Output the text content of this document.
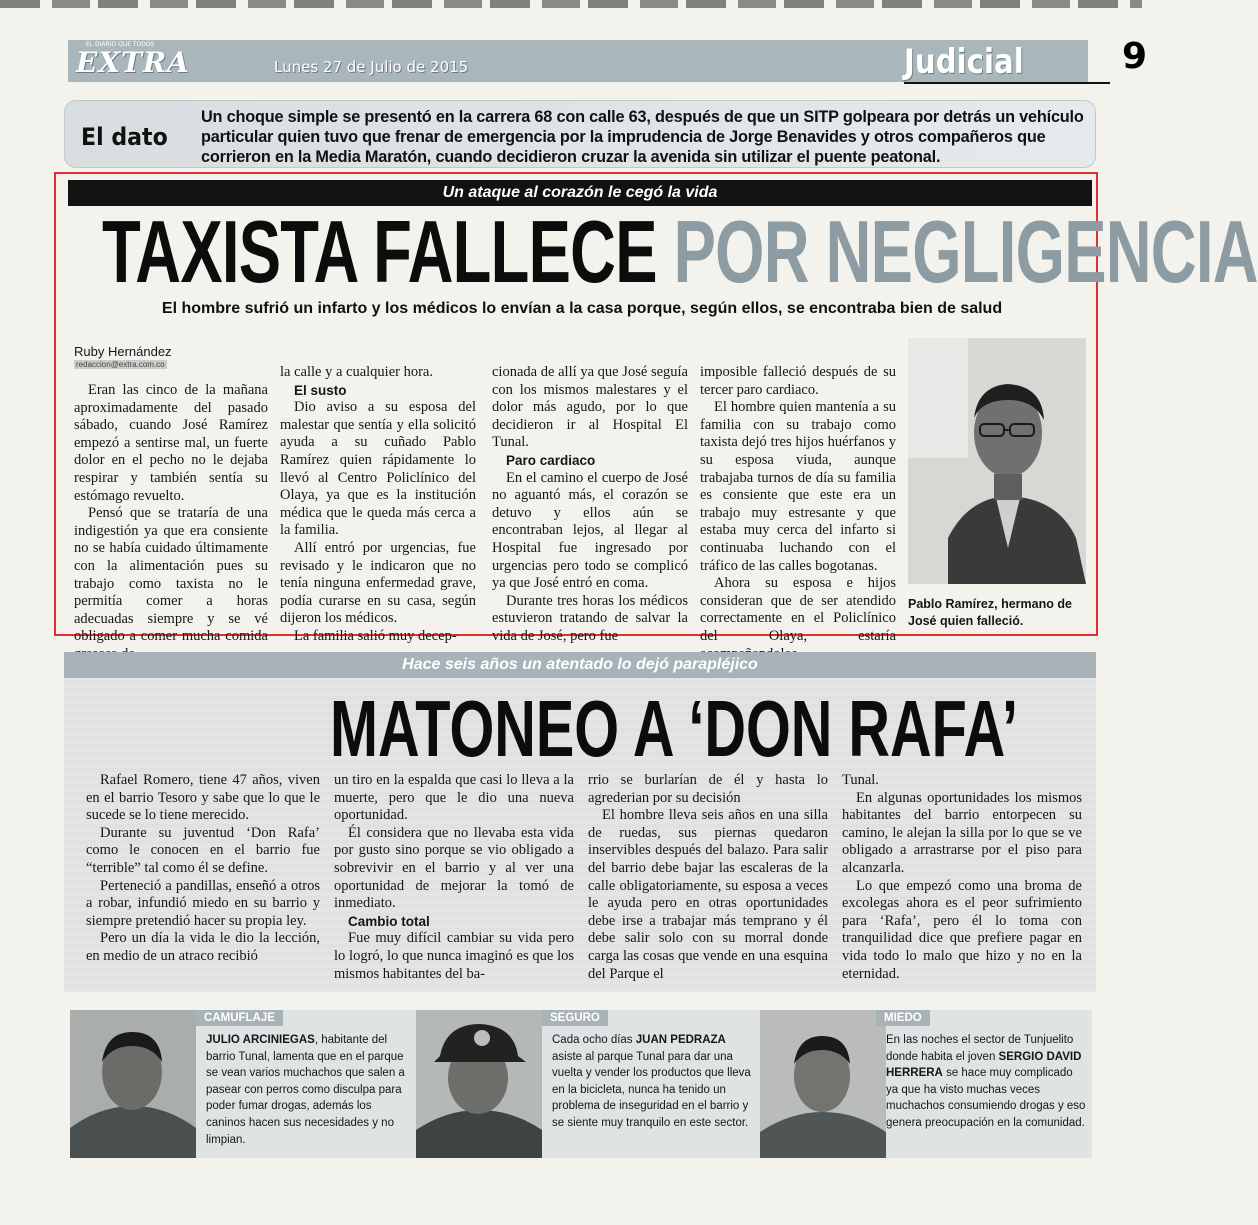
EL DIARIO QUE TODOS
EXTRA	Lunes 27 de Julio de 2015	Judicial	9
El dato
Un choque simple se presentó en la carrera 68 con calle 63, después de que un SITP golpeara por detrás un vehículo particular quien tuvo que frenar de emergencia por la imprudencia de Jorge Benavides y otros compañeros que corrieron en la Media Maratón, cuando decidieron cruzar la avenida sin utilizar el puente peatonal.
Un ataque al corazón le cegó la vida
TAXISTA FALLECE POR NEGLIGENCIA
El hombre sufrió un infarto y los médicos lo envían a la casa porque, según ellos, se encontraba bien de salud
Ruby Hernández
redaccion@extra.com.co

Eran las cinco de la mañana aproximadamente del pasado sábado, cuando José Ramírez empezó a sentirse mal, un fuerte dolor en el pecho no le dejaba respirar y también sentía su estómago revuelto.

Pensó que se trataría de una indigestión ya que era consiente no se había cuidado últimamente con la alimentación pues su trabajo como taxista no le permitía comer a horas adecuadas siempre y se vé obligado a comer mucha comida

la calle y a cualquier hora.

El susto

Dio aviso a su esposa del malestar que sentía y ella solicitó ayuda a su cuñado Pablo Ramírez quien rápidamente lo llevó al Centro Policlínico del Olaya, ya que es la institución médica que le queda más cerca a la familia.

Allí entró por urgencias, fue revisado y le indicaron que no tenía ninguna enfermedad grave, podía curarse en su casa, según dijeron los médicos.

La familia salió muy decep-

cionada de allí ya que José seguía con los mismos malestares y el dolor más agudo, por lo que decidieron ir al Hospital El Tunal.

Paro cardiaco

En el camino el cuerpo de José no aguantó más, el corazón se detuvo y ellos aún se encontraban lejos, al llegar al Hospital fue ingresado por urgencias pero todo se complicó ya que José entró en coma.

Durante tres horas los médicos estuvieron tratando de salvar la vida de José, pero fue

imposible falleció después de su tercer paro cardiaco.

El hombre quien mantenía a su familia con su trabajo como taxista dejó tres hijos huérfanos y su esposa viuda, aunque trabajaba turnos de día su familia es consiente que este era un trabajo muy estresante y que estaba muy cerca del infarto si continuaba luchando con el tráfico de las calles bogotanas.

Ahora su esposa e hijos consideran que de ser atendido correctamente en el Policlínico del Olaya, estaría

Pablo Ramírez, hermano de José quien falleció.
Hace seis años un atentado lo dejó parapléjico
MATONEO A ‘DON RAFA’

Rafael Romero, tiene 47 años, viven en el barrio Tesoro y sabe que lo que le sucede se lo tiene merecido.

Durante su juventud ‘Don Rafa’ como le conocen en el barrio fue “terrible” tal como él se define.

Perteneció a pandillas, enseñó a otros a robar, infundió miedo en su barrio y siempre pretendió hacer su propia ley.

Pero un día la vida le dio la lección, en medio de un atraco recibió

un tiro en la espalda que casi lo lleva a la muerte, pero que le dio una nueva oportunidad.

Él considera que no llevaba esta vida por gusto sino porque se vio obligado a sobrevivir en el barrio y al ver una oportunidad de mejorar la tomó de inmediato.

Cambio total

Fue muy difícil cambiar su vida pero lo logró, lo que nunca imaginó es que los mismos habitantes del ba-

rrio se burlarían de él y hasta lo agrederian por su decisión

El hombre lleva seis años en una silla de ruedas, sus piernas quedaron inservibles después del balazo. Para salir del barrio debe bajar las escaleras de la calle obligatoriamente, su esposa a veces le ayuda pero en otras oportunidades debe irse a trabajar más temprano y él debe salir solo con su morral donde carga las cosas que vende en una esquina del Parque el

Tunal.

En algunas oportunidades los mismos habitantes del barrio entorpecen su camino, le alejan la silla por lo que se ve obligado a arrastrarse por el piso para alcanzarla.

Lo que empezó como una broma de excolegas ahora es el peor sufrimiento para ‘Rafa’, pero él lo toma con tranquilidad dice que prefiere pagar en vida todo lo malo que hizo y no en la eternidad.

CAMUFLAJE
JULIO ARCINIEGAS, habitante del barrio Tunal, lamenta que en el parque se vean varios muchachos que salen a pasear con perros como disculpa para poder fumar drogas, además los caninos hacen sus necesidades y no limpian.
SEGURO
Cada ocho días JUAN PEDRAZA asiste al parque Tunal para dar una vuelta y vender los productos que lleva en la bicicleta, nunca ha tenido un problema de inseguridad en el barrio y se siente muy tranquilo en este sector.
MIEDO
En las noches el sector de Tunjuelito donde habita el joven SERGIO DAVID HERRERA se hace muy complicado ya que ha visto muchas veces muchachos consumiendo drogas y eso genera preocupación en la comunidad.
